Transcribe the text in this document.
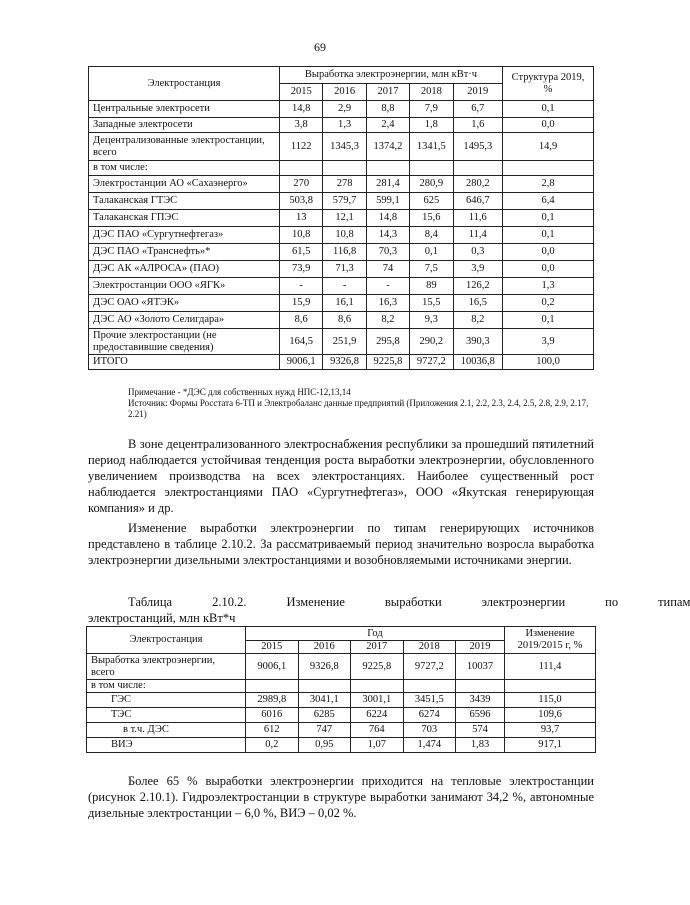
69
Электростанция	Выработка электроэнергии, млн кВт·ч					Структура 2019, %
	2015	2016	2017	2018	2019	
Центральные электросети	14,8	2,9	8,8	7,9	6,7	0,1
Западные электросети	3,8	1,3	2,4	1,8	1,6	0,0
Децентрализованные электростанции, всего	1122	1345,3	1374,2	1341,5	1495,3	14,9
в том числе:						
Электростанции АО «Сахаэнерго»	270	278	281,4	280,9	280,2	2,8
Талаканская ГТЭС	503,8	579,7	599,1	625	646,7	6,4
Талаканская ГПЭС	13	12,1	14,8	15,6	11,6	0,1
ДЭС ПАО «Сургутнефтегаз»	10,8	10,8	14,3	8,4	11,4	0,1
ДЭС ПАО «Транснефть»*	61,5	116,8	70,3	0,1	0,3	0,0
ДЭС АК «АЛРОСА» (ПАО)	73,9	71,3	74	7,5	3,9	0,0
Электростанции ООО «ЯГК»	-	-	-	89	126,2	1,3
ДЭС ОАО «ЯТЭК»	15,9	16,1	16,3	15,5	16,5	0,2
ДЭС АО «Золото Селигдара»	8,6	8,6	8,2	9,3	8,2	0,1
Прочие электростанции (не предоставившие сведения)	164,5	251,9	295,8	290,2	390,3	3,9
ИТОГО	9006,1	9326,8	9225,8	9727,2	10036,8	100,0
Примечание - *ДЭС для собственных нужд НПС-12,13,14
Источник: Формы Росстата 6-ТП и Электробаланс данные предприятий (Приложения 2.1, 2.2, 2.3, 2.4, 2.5, 2.8, 2.9, 2.17, 2.21)
В зоне децентрализованного электроснабжения республики за прошедший пятилетний период наблюдается устойчивая тенденция роста выработки электроэнергии, обусловленного увеличением производства на всех электростанциях. Наиболее существенный рост наблюдается электростанциями ПАО «Сургутнефтегаз», ООО «Якутская генерирующая компания» и др.
Изменение выработки электроэнергии по типам генерирующих источников представлено в таблице 2.10.2. За рассматриваемый период значительно возросла выработка электроэнергии дизельными электростанциями и возобновляемыми источниками энергии.
Таблица	2.10.2.	Изменение	выработки	электроэнергии	по	типам
электростанций, млн кВт*ч
Электростанция	Год					Изменение 2019/2015 г, %
	2015	2016	2017	2018	2019	
Выработка электроэнергии, всего	9006,1	9326,8	9225,8	9727,2	10037	111,4
в том числе:						
ГЭС	2989,8	3041,1	3001,1	3451,5	3439	115,0
ТЭС	6016	6285	6224	6274	6596	109,6
в т.ч. ДЭС	612	747	764	703	574	93,7
ВИЭ	0,2	0,95	1,07	1,474	1,83	917,1
Более 65 % выработки электроэнергии приходится на тепловые электростанции (рисунок 2.10.1). Гидроэлектростанции в структуре выработки занимают 34,2 %, автономные дизельные электростанции – 6,0 %, ВИЭ – 0,02 %.
